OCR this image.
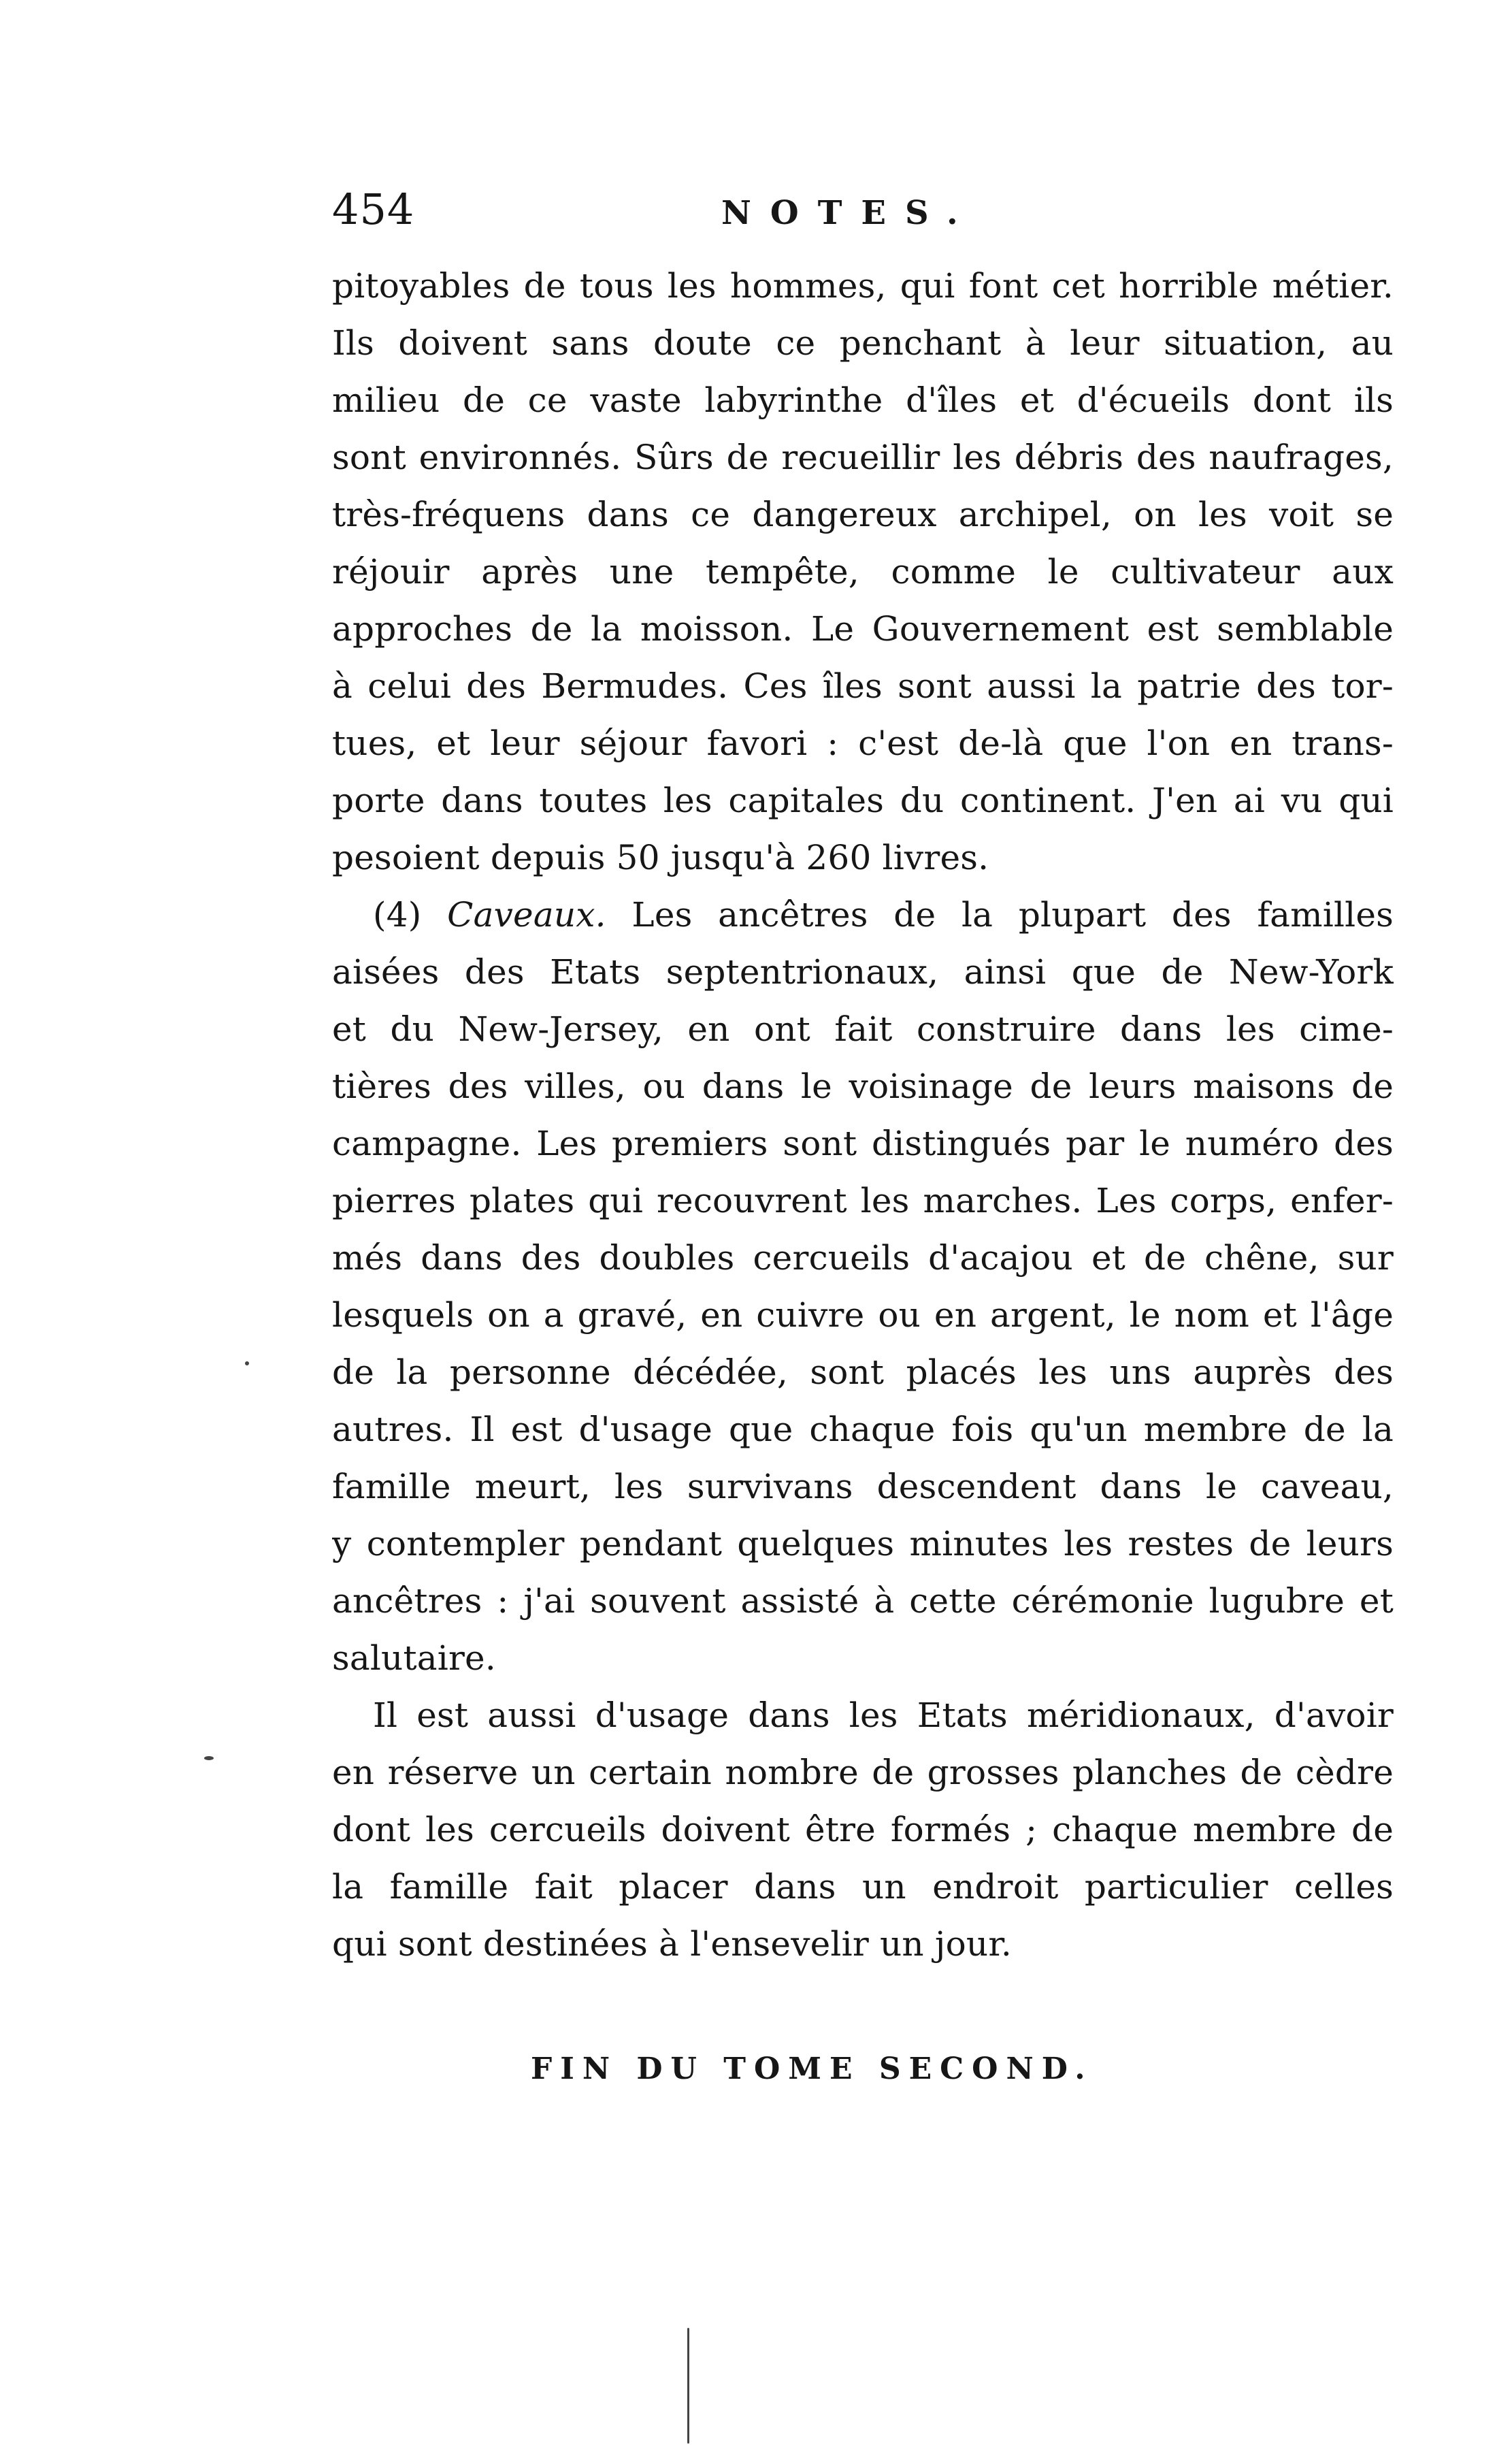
454	NOTES.
pitoyables de tous les hommes, qui font cet horrible métier.
Ils doivent sans doute ce penchant à leur situation, au
milieu de ce vaste labyrinthe d'îles et d'écueils dont ils
sont environnés. Sûrs de recueillir les débris des naufrages,
très-fréquens dans ce dangereux archipel, on les voit se
réjouir après une tempête, comme le cultivateur aux
approches de la moisson. Le Gouvernement est semblable
à celui des Bermudes. Ces îles sont aussi la patrie des tor-
tues, et leur séjour favori : c'est de-là que l'on en trans-
porte dans toutes les capitales du continent. J'en ai vu qui
pesoient depuis 50 jusqu'à 260 livres.
(4) Caveaux. Les ancêtres de la plupart des familles
aisées des Etats septentrionaux, ainsi que de New-York
et du New-Jersey, en ont fait construire dans les cime-
tières des villes, ou dans le voisinage de leurs maisons de
campagne. Les premiers sont distingués par le numéro des
pierres plates qui recouvrent les marches. Les corps, enfer-
més dans des doubles cercueils d'acajou et de chêne, sur
lesquels on a gravé, en cuivre ou en argent, le nom et l'âge
de la personne décédée, sont placés les uns auprès des
autres. Il est d'usage que chaque fois qu'un membre de la
famille meurt, les survivans descendent dans le caveau,
y contempler pendant quelques minutes les restes de leurs
ancêtres : j'ai souvent assisté à cette cérémonie lugubre et
salutaire.
Il est aussi d'usage dans les Etats méridionaux, d'avoir
en réserve un certain nombre de grosses planches de cèdre
dont les cercueils doivent être formés ; chaque membre de
la famille fait placer dans un endroit particulier celles
qui sont destinées à l'ensevelir un jour.
FIN DU TOME SECOND.
